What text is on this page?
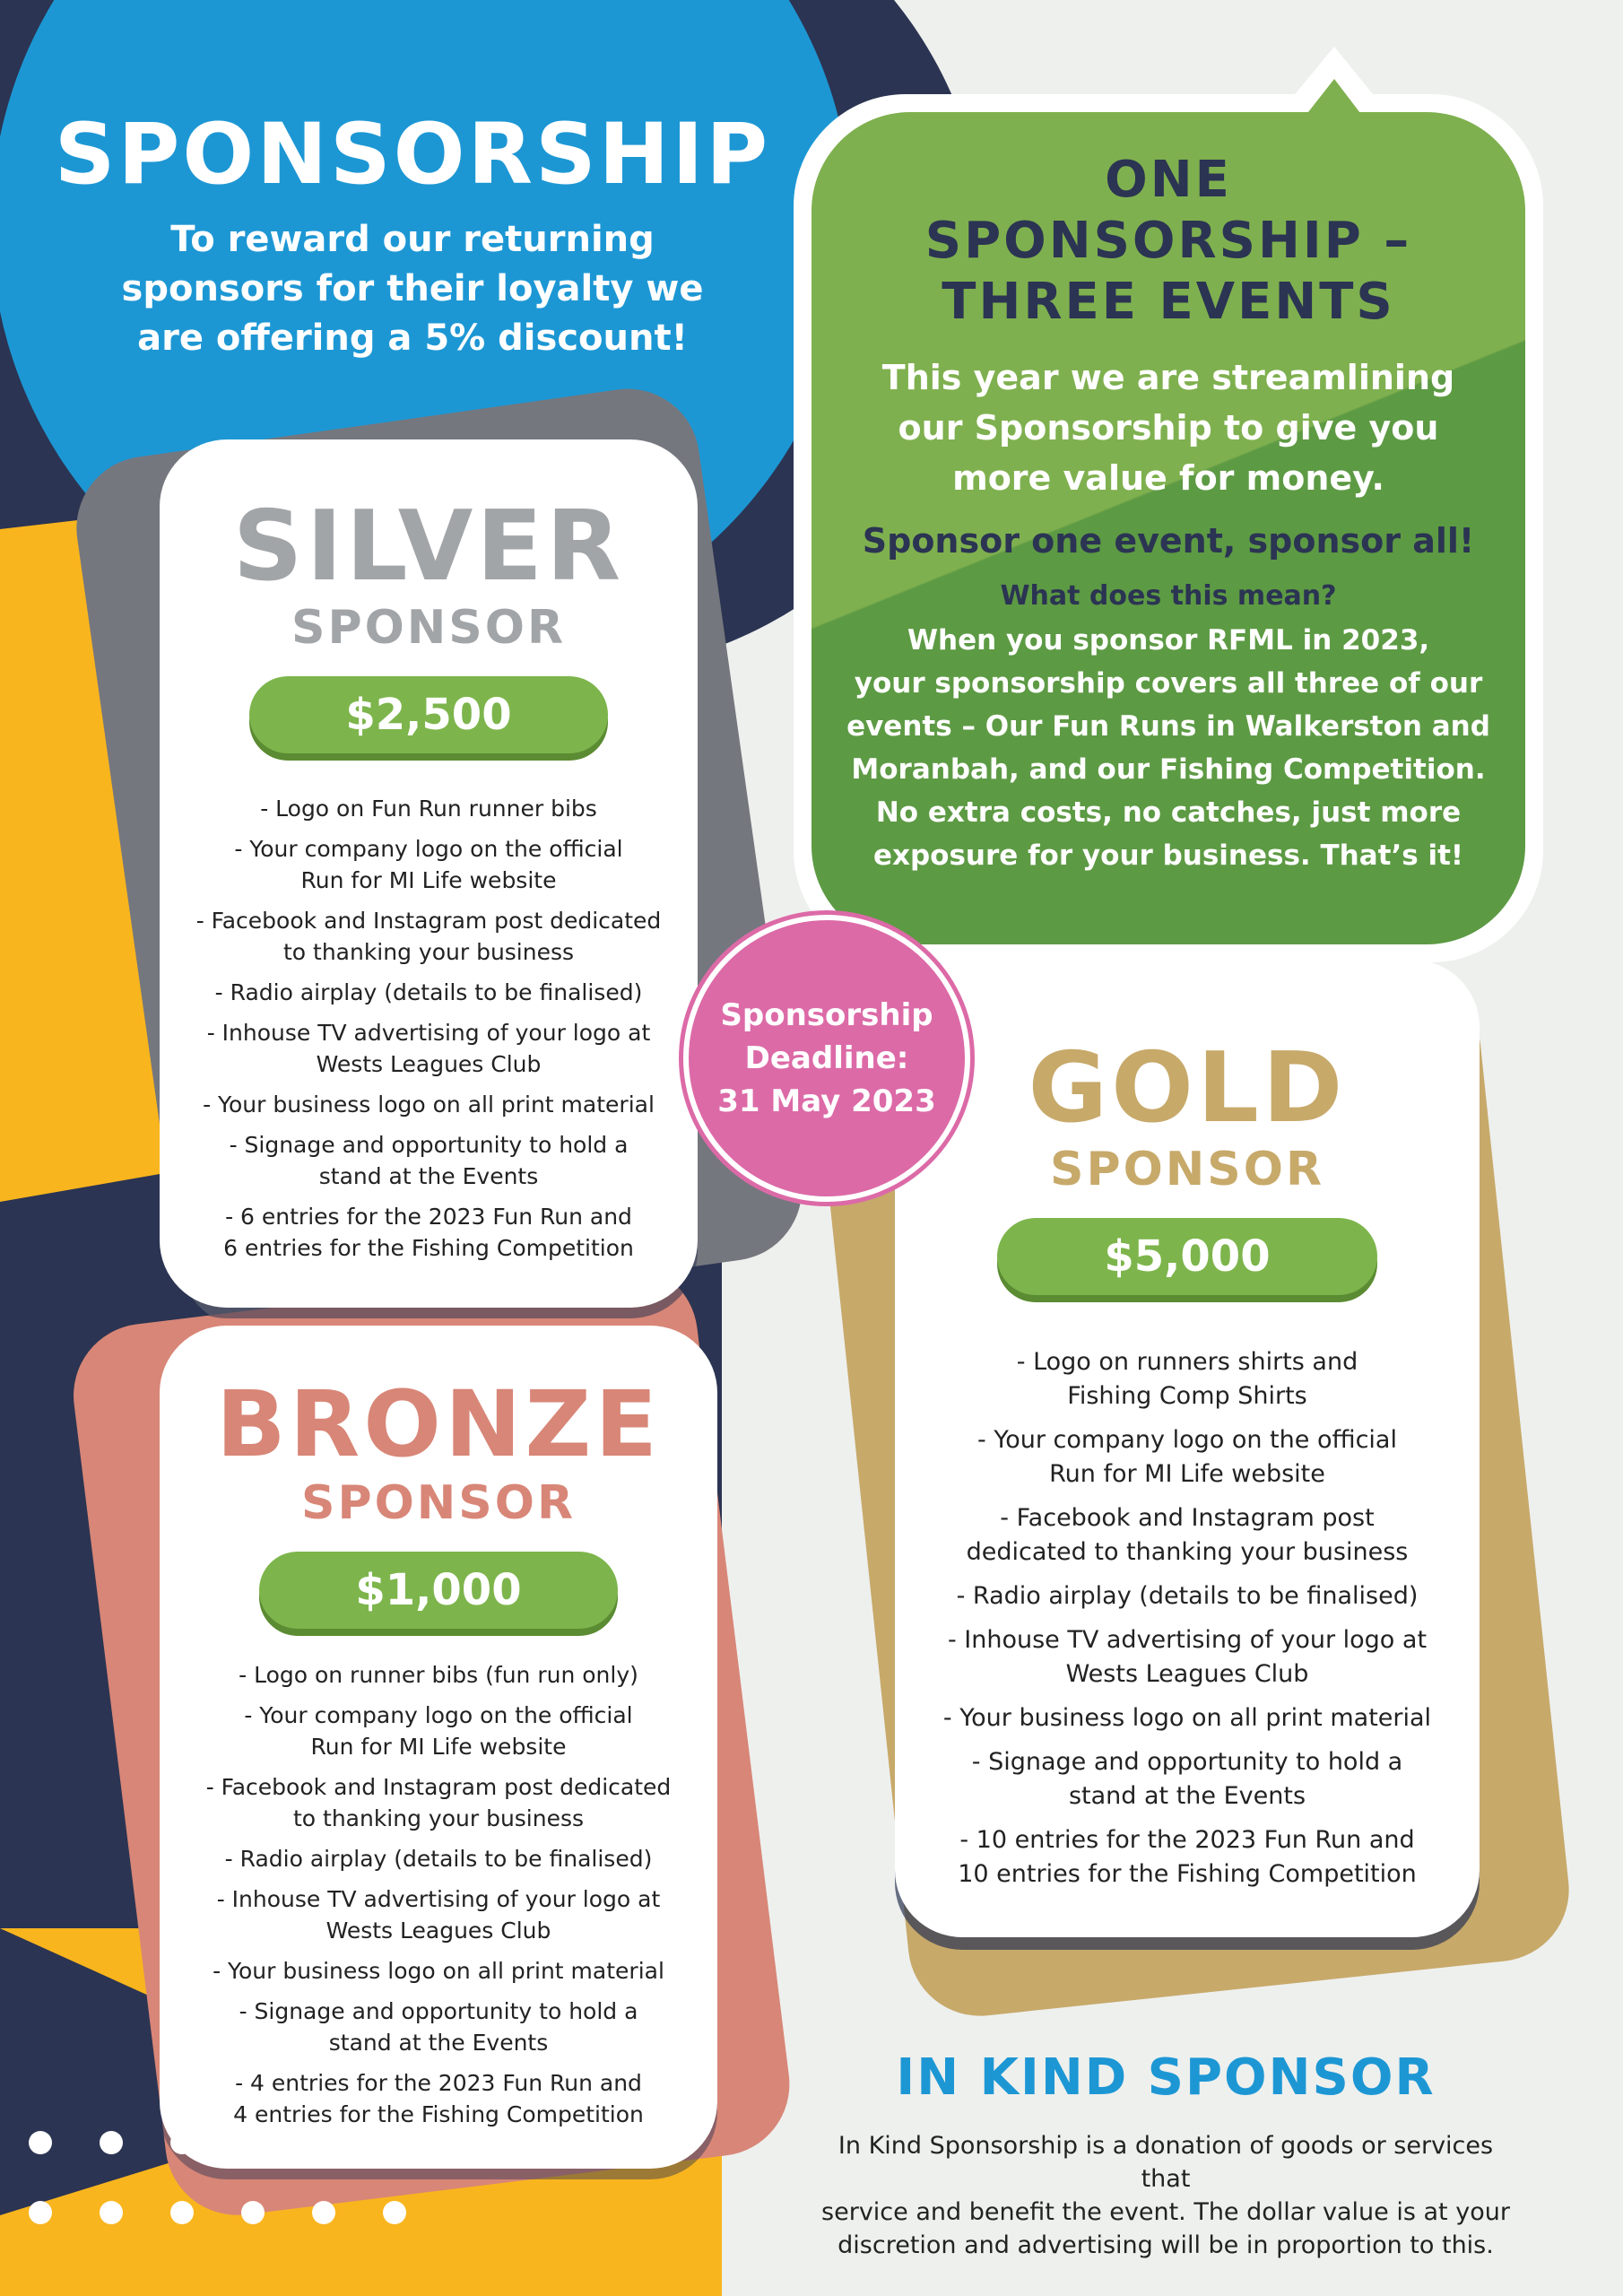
SPONSORSHIP
To reward our returning sponsors for their loyalty we are offering a 5% discount!
ONE
SPONSORSHIP –
THREE EVENTS
This year we are streamlining
our Sponsorship to give you
more value for money.
Sponsor one event, sponsor all!
What does this mean?
When you sponsor RFML in 2023,
your sponsorship covers all three of our
events – Our Fun Runs in Walkerston and
Moranbah, and our Fishing Competition.
No extra costs, no catches, just more
exposure for your business. That’s it!
SILVER
SPONSOR
$2,500
- Logo on Fun Run runner bibs
- Your company logo on the official
Run for MI Life website
- Facebook and Instagram post dedicated
to thanking your business
- Radio airplay (details to be finalised)
- Inhouse TV advertising of your logo at
Wests Leagues Club
- Your business logo on all print material
- Signage and opportunity to hold a
stand at the Events
- 6 entries for the 2023 Fun Run and
6 entries for the Fishing Competition
BRONZE
SPONSOR
$1,000
- Logo on runner bibs (fun run only)
- Your company logo on the official
Run for MI Life website
- Facebook and Instagram post dedicated
to thanking your business
- Radio airplay (details to be finalised)
- Inhouse TV advertising of your logo at
Wests Leagues Club
- Your business logo on all print material
- Signage and opportunity to hold a
stand at the Events
- 4 entries for the 2023 Fun Run and
4 entries for the Fishing Competition
GOLD
SPONSOR
$5,000
- Logo on runners shirts and
Fishing Comp Shirts
- Your company logo on the official
Run for MI Life website
- Facebook and Instagram post
dedicated to thanking your business
- Radio airplay (details to be finalised)
- Inhouse TV advertising of your logo at
Wests Leagues Club
- Your business logo on all print material
- Signage and opportunity to hold a
stand at the Events
- 10 entries for the 2023 Fun Run and
10 entries for the Fishing Competition
Sponsorship
Deadline:
31 May 2023
IN KIND SPONSOR
In Kind Sponsorship is a donation of goods or services that
service and benefit the event. The dollar value is at your
discretion and advertising will be in proportion to this.
